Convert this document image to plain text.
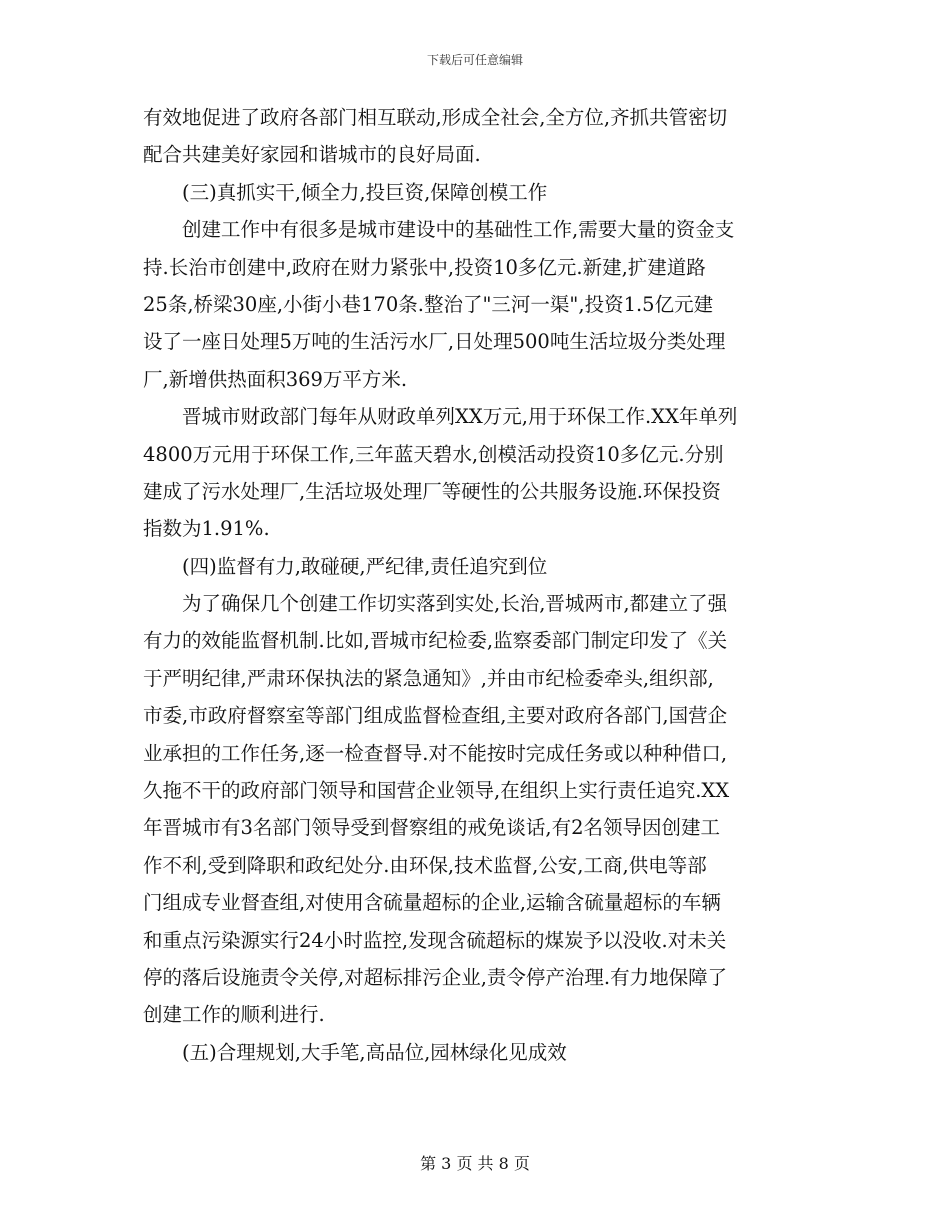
下载后可任意编辑
有效地促进了政府各部门相互联动,形成全社会,全方位,齐抓共管密切
配合共建美好家园和谐城市的良好局面.
(三)真抓实干,倾全力,投巨资,保障创模工作
创建工作中有很多是城市建设中的基础性工作,需要大量的资金支
持.长治市创建中,政府在财力紧张中,投资10多亿元.新建,扩建道路
25条,桥梁30座,小街小巷170条.整治了"三河一渠",投资1.5亿元建
设了一座日处理5万吨的生活污水厂,日处理500吨生活垃圾分类处理
厂,新增供热面积369万平方米.
晋城市财政部门每年从财政单列XX万元,用于环保工作.XX年单列
4800万元用于环保工作,三年蓝天碧水,创模活动投资10多亿元.分别
建成了污水处理厂,生活垃圾处理厂等硬性的公共服务设施.环保投资
指数为1.91%.
(四)监督有力,敢碰硬,严纪律,责任追究到位
为了确保几个创建工作切实落到实处,长治,晋城两市,都建立了强
有力的效能监督机制.比如,晋城市纪检委,监察委部门制定印发了《关
于严明纪律,严肃环保执法的紧急通知》,并由市纪检委牵头,组织部,
市委,市政府督察室等部门组成监督检查组,主要对政府各部门,国营企
业承担的工作任务,逐一检查督导.对不能按时完成任务或以种种借口,
久拖不干的政府部门领导和国营企业领导,在组织上实行责任追究.XX
年晋城市有3名部门领导受到督察组的戒免谈话,有2名领导因创建工
作不利,受到降职和政纪处分.由环保,技术监督,公安,工商,供电等部
门组成专业督查组,对使用含硫量超标的企业,运输含硫量超标的车辆
和重点污染源实行24小时监控,发现含硫超标的煤炭予以没收.对未关
停的落后设施责令关停,对超标排污企业,责令停产治理.有力地保障了
创建工作的顺利进行.
(五)合理规划,大手笔,高品位,园林绿化见成效
第 3 页 共 8 页
